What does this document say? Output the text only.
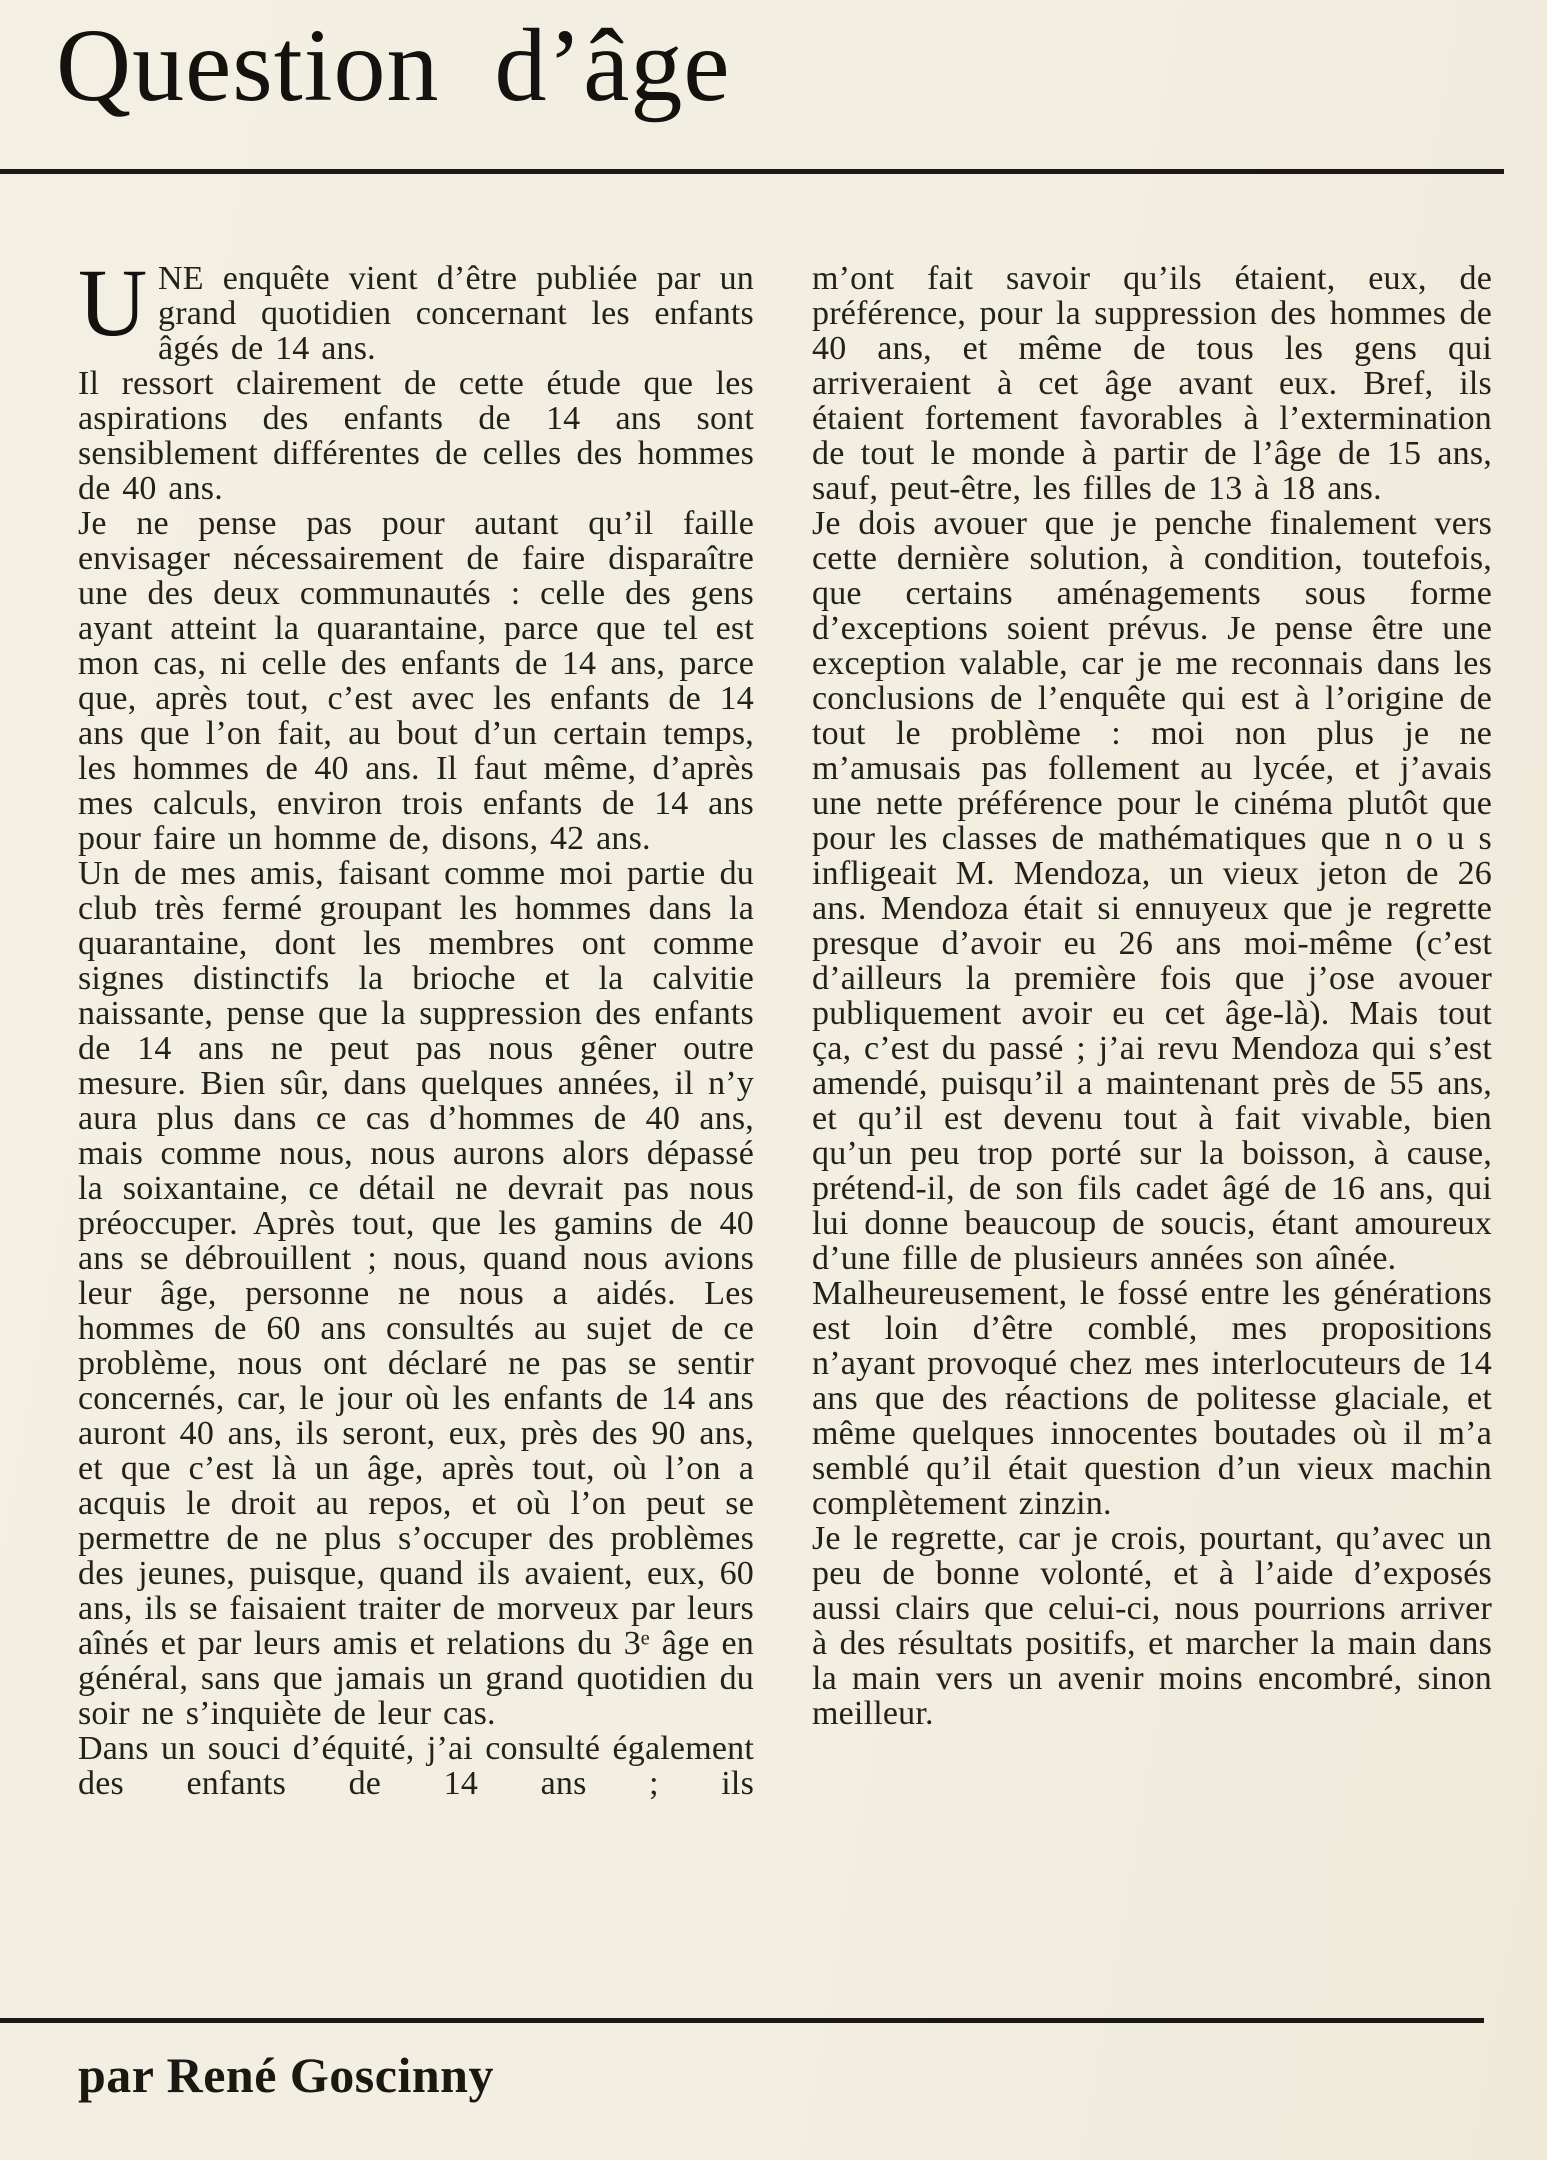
Question d’âge

UNE enquête vient d’être publiée par un grand quotidien concernant les enfants âgés de 14 ans.

Il ressort clairement de cette étude que les aspirations des enfants de 14 ans sont sensiblement différentes de celles des hommes de 40 ans.

Je ne pense pas pour autant qu’il faille envisager nécessairement de faire disparaître une des deux communautés : celle des gens ayant atteint la quarantaine, parce que tel est mon cas, ni celle des enfants de 14 ans, parce que, après tout, c’est avec les enfants de 14 ans que l’on fait, au bout d’un certain temps, les hommes de 40 ans. Il faut même, d’après mes calculs, environ trois enfants de 14 ans pour faire un homme de, disons, 42 ans.

Un de mes amis, faisant comme moi partie du club très fermé groupant les hommes dans la quarantaine, dont les membres ont comme signes distinctifs la brioche et la calvitie naissante, pense que la suppression des enfants de 14 ans ne peut pas nous gêner outre mesure. Bien sûr, dans quelques années, il n’y aura plus dans ce cas d’hommes de 40 ans, mais comme nous, nous aurons alors dépassé la soixantaine, ce détail ne devrait pas nous préoccuper. Après tout, que les gamins de 40 ans se débrouillent ; nous, quand nous avions leur âge, personne ne nous a aidés. Les hommes de 60 ans consultés au sujet de ce problème, nous ont déclaré ne pas se sentir concernés, car, le jour où les enfants de 14 ans auront 40 ans, ils seront, eux, près des 90 ans, et que c’est là un âge, après tout, où l’on a acquis le droit au repos, et où l’on peut se permettre de ne plus s’occuper des problèmes des jeunes, puisque, quand ils avaient, eux, 60 ans, ils se faisaient traiter de morveux par leurs aînés et par leurs amis et relations du 3ᵉ âge en général, sans que jamais un grand quotidien du soir ne s’inquiète de leur cas.

Dans un souci d’équité, j’ai consulté également des enfants de 14 ans ; ils

m’ont fait savoir qu’ils étaient, eux, de préférence, pour la suppression des hommes de 40 ans, et même de tous les gens qui arriveraient à cet âge avant eux. Bref, ils étaient fortement favorables à l’extermination de tout le monde à partir de l’âge de 15 ans, sauf, peut-être, les filles de 13 à 18 ans.

Je dois avouer que je penche finalement vers cette dernière solution, à condition, toutefois, que certains aménagements sous forme d’exceptions soient prévus. Je pense être une exception valable, car je me reconnais dans les conclusions de l’enquête qui est à l’origine de tout le problème : moi non plus je ne m’amusais pas follement au lycée, et j’avais une nette préférence pour le cinéma plutôt que pour les classes de mathématiques que n o u s infligeait M. Mendoza, un vieux jeton de 26 ans. Mendoza était si ennuyeux que je regrette presque d’avoir eu 26 ans moi-même (c’est d’ailleurs la première fois que j’ose avouer publiquement avoir eu cet âge-là). Mais tout ça, c’est du passé ; j’ai revu Mendoza qui s’est amendé, puisqu’il a maintenant près de 55 ans, et qu’il est devenu tout à fait vivable, bien qu’un peu trop porté sur la boisson, à cause, prétend-il, de son fils cadet âgé de 16 ans, qui lui donne beaucoup de soucis, étant amoureux d’une fille de plusieurs années son aînée.

Malheureusement, le fossé entre les générations est loin d’être comblé, mes propositions n’ayant provoqué chez mes interlocuteurs de 14 ans que des réactions de politesse glaciale, et même quelques innocentes boutades où il m’a semblé qu’il était question d’un vieux machin complètement zinzin.

Je le regrette, car je crois, pourtant, qu’avec un peu de bonne volonté, et à l’aide d’exposés aussi clairs que celui-ci, nous pourrions arriver à des résultats positifs, et marcher la main dans la main vers un avenir moins encombré, sinon meilleur.

par René Goscinny
